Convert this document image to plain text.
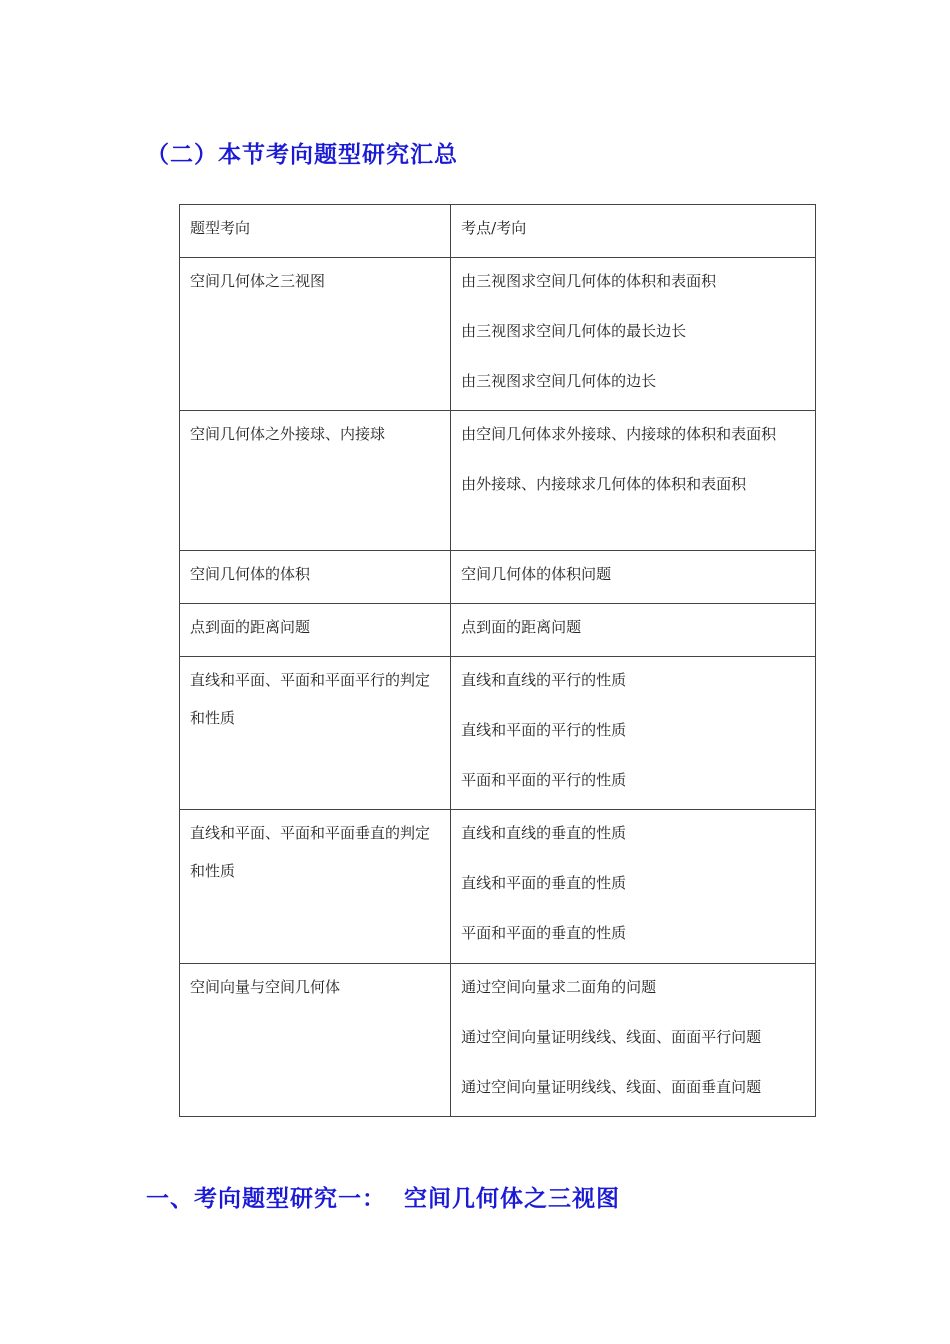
（二）本节考向题型研究汇总
题型考向	考点/考向
空间几何体之三视图	由三视图求空间几何体的体积和表面积
由三视图求空间几何体的最长边长
由三视图求空间几何体的边长

空间几何体之外接球、内接球	由空间几何体求外接球、内接球的体积和表面积
由外接球、内接球求几何体的体积和表面积

空间几何体的体积	空间几何体的体积问题

点到面的距离问题	点到面的距离问题

直线和平面、平面和平面平行的判定和性质	直线和直线的平行的性质
直线和平面的平行的性质
平面和平面的平行的性质

直线和平面、平面和平面垂直的判定和性质	直线和直线的垂直的性质
直线和平面的垂直的性质
平面和平面的垂直的性质

空间向量与空间几何体	通过空间向量求二面角的问题
通过空间向量证明线线、线面、面面平行问题
通过空间向量证明线线、线面、面面垂直问题
一、考向题型研究一： 空间几何体之三视图
